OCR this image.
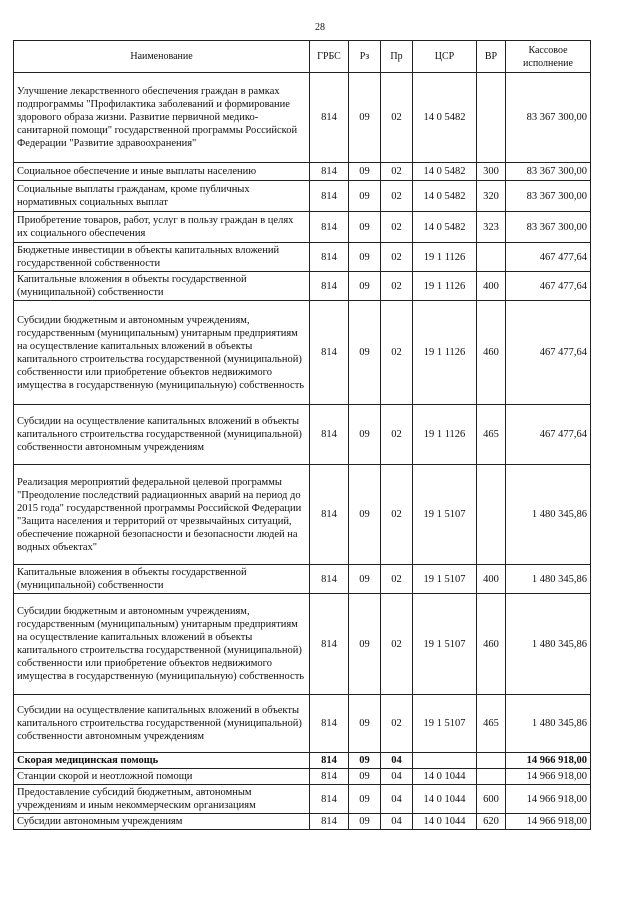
28
Наименование	ГРБС	Рз	Пр	ЦСР	ВР	Кассовое исполнение
Улучшение лекарственного обеспечения граждан в рамках подпрограммы "Профилактика заболеваний и формирование здорового образа жизни. Развитие первичной медико-санитарной помощи" государственной программы Российской Федерации "Развитие здравоохранения"	814	09	02	14 0 5482		83 367 300,00
Социальное обеспечение и иные выплаты населению	814	09	02	14 0 5482	300	83 367 300,00
Социальные выплаты гражданам, кроме публичных нормативных социальных выплат	814	09	02	14 0 5482	320	83 367 300,00
Приобретение товаров, работ, услуг в пользу граждан в целях их социального обеспечения	814	09	02	14 0 5482	323	83 367 300,00
Бюджетные инвестиции в объекты капитальных вложений государственной собственности	814	09	02	19 1 1126		467 477,64
Капитальные вложения в объекты государственной (муниципальной) собственности	814	09	02	19 1 1126	400	467 477,64
Субсидии бюджетным и автономным учреждениям, государственным (муниципальным) унитарным предприятиям на осуществление капитальных вложений в объекты капитального строительства государственной (муниципальной) собственности или приобретение объектов недвижимого имущества в государственную (муниципальную) собственность	814	09	02	19 1 1126	460	467 477,64
Субсидии на осуществление капитальных вложений в объекты капитального строительства государственной (муниципальной) собственности автономным учреждениям	814	09	02	19 1 1126	465	467 477,64
Реализация мероприятий федеральной целевой программы "Преодоление последствий радиационных аварий на период до 2015 года" государственной программы Российской Федерации "Защита населения и территорий от чрезвычайных ситуаций, обеспечение пожарной безопасности и безопасности людей на водных объектах"	814	09	02	19 1 5107		1 480 345,86
Капитальные вложения в объекты государственной (муниципальной) собственности	814	09	02	19 1 5107	400	1 480 345,86
Субсидии бюджетным и автономным учреждениям, государственным (муниципальным) унитарным предприятиям на осуществление капитальных вложений в объекты капитального строительства государственной (муниципальной) собственности или приобретение объектов недвижимого имущества в государственную (муниципальную) собственность	814	09	02	19 1 5107	460	1 480 345,86
Субсидии на осуществление капитальных вложений в объекты капитального строительства государственной (муниципальной) собственности автономным учреждениям	814	09	02	19 1 5107	465	1 480 345,86
Скорая медицинская помощь	814	09	04			14 966 918,00
Станции скорой и неотложной помощи	814	09	04	14 0 1044		14 966 918,00
Предоставление субсидий бюджетным, автономным учреждениям и иным некоммерческим организациям	814	09	04	14 0 1044	600	14 966 918,00
Субсидии автономным учреждениям	814	09	04	14 0 1044	620	14 966 918,00
